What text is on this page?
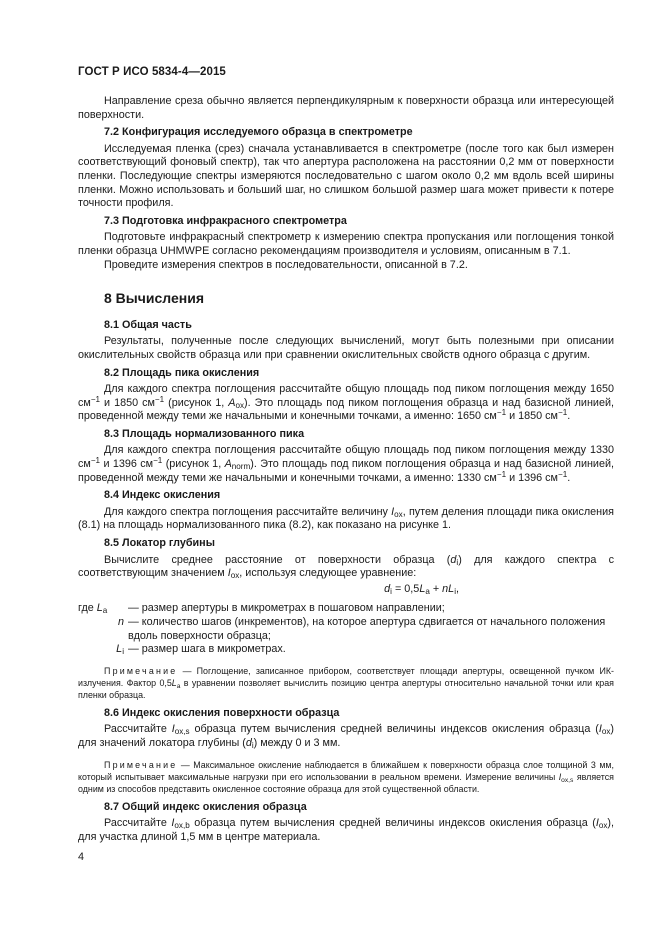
ГОСТ Р ИСО 5834-4—2015

Направление среза обычно является перпендикулярным к поверхности образца или интересующей поверхности.

7.2 Конфигурация исследуемого образца в спектрометре

Исследуемая пленка (срез) сначала устанавливается в спектрометре (после того как был измерен соответствующий фоновый спектр), так что апертура расположена на расстоянии 0,2 мм от поверхности пленки. Последующие спектры измеряются последовательно с шагом около 0,2 мм вдоль всей ширины пленки. Можно использовать и больший шаг, но слишком большой размер шага может привести к потере точности профиля.

7.3 Подготовка инфракрасного спектрометра

Подготовьте инфракрасный спектрометр к измерению спектра пропускания или поглощения тонкой пленки образца UHMWPE согласно рекомендациям производителя и условиям, описанным в 7.1.

Проведите измерения спектров в последовательности, описанной в 7.2.

8 Вычисления
8.1 Общая часть

Результаты, полученные после следующих вычислений, могут быть полезными при описании окислительных свойств образца или при сравнении окислительных свойств одного образца с другим.

8.2 Площадь пика окисления

Для каждого спектра поглощения рассчитайте общую площадь под пиком поглощения между 1650 $см^{-1}$ и 1850 $см^{-1}$ (рисунок 1, $A_{ox}$). Это площадь под пиком поглощения образца и над базисной линией, проведенной между теми же начальными и конечными точками, а именно: 1650 $см^{-1}$ и 1850 $см^{-1}$.

8.3 Площадь нормализованного пика

Для каждого спектра поглощения рассчитайте общую площадь под пиком поглощения между 1330 $см^{-1}$ и 1396 $см^{-1}$ (рисунок 1, $A_{norm}$). Это площадь под пиком поглощения образца и над базисной линией, проведенной между теми же начальными и конечными точками, а именно: 1330 $см^{-1}$ и 1396 $см^{-1}$.

8.4 Индекс окисления

Для каждого спектра поглощения рассчитайте величину $I_{ox}$, путем деления площади пика окисления (8.1) на площадь нормализованного пика (8.2), как показано на рисунке 1.

8.5 Локатор глубины

Вычислите среднее расстояние от поверхности образца $(d_i)$ для каждого спектра с соответствующим значением $I_{ox}$, используя следующее уравнение:

$d_i = 0,5L_a + nL_i$,

где $L_a$	— размер апертуры в микрометрах в пошаговом направлении;
n — количество шагов (инкрементов), на которое апертура сдвигается от начального положения вдоль поверхности образца;
$L_i$ — размер шага в микрометрах.

Примечание — Поглощение, записанное прибором, соответствует площади апертуры, освещенной пучком ИК-излучения. Фактор $0,5L_a$ в уравнении позволяет вычислить позицию центра апертуры относительно начальной точки или края пленки образца.

8.6 Индекс окисления поверхности образца

Рассчитайте $I_{ox,s}$ образца путем вычисления средней величины индексов окисления образца $(I_{ox})$ для значений локатора глубины $(d_i)$ между 0 и 3 мм.

Примечание — Максимальное окисление наблюдается в ближайшем к поверхности образца слое толщиной 3 мм, который испытывает максимальные нагрузки при его использовании в реальном времени. Измерение величины $I_{ox,s}$ является одним из способов представить окисленное состояние образца для этой существенной области.

8.7 Общий индекс окисления образца

Рассчитайте $I_{ox,b}$ образца путем вычисления средней величины индексов окисления образца $(I_{ox})$, для участка длиной 1,5 мм в центре материала.

4
